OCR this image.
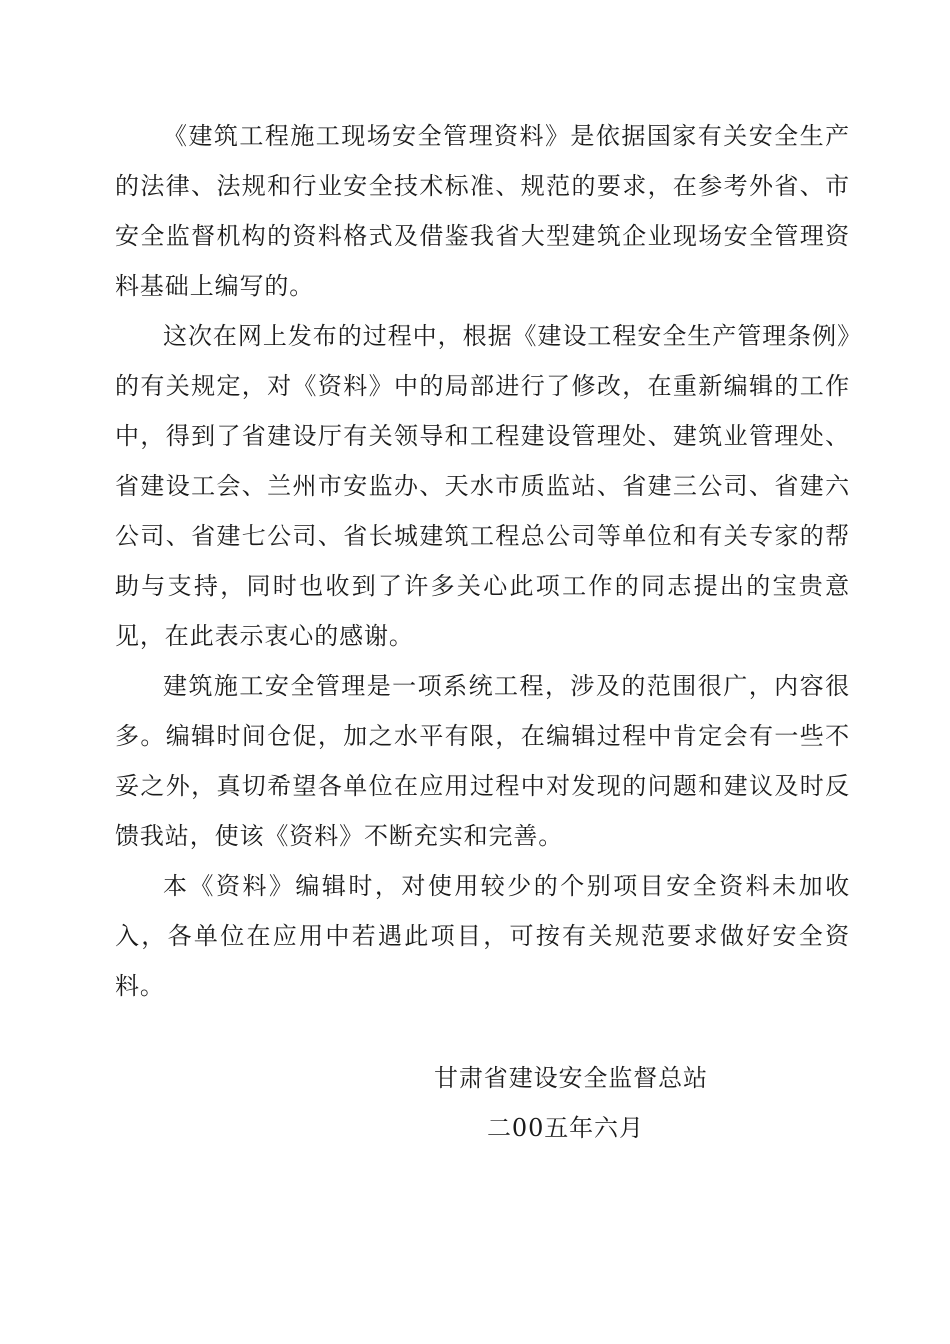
《建筑工程施工现场安全管理资料》是依据国家有关安全生产的法律、法规和行业安全技术标准、规范的要求，在参考外省、市安全监督机构的资料格式及借鉴我省大型建筑企业现场安全管理资料基础上编写的。

这次在网上发布的过程中，根据《建设工程安全生产管理条例》的有关规定，对《资料》中的局部进行了修改，在重新编辑的工作中，得到了省建设厅有关领导和工程建设管理处、建筑业管理处、省建设工会、兰州市安监办、天水市质监站、省建三公司、省建六公司、省建七公司、省长城建筑工程总公司等单位和有关专家的帮助与支持，同时也收到了许多关心此项工作的同志提出的宝贵意见，在此表示衷心的感谢。

建筑施工安全管理是一项系统工程，涉及的范围很广，内容很多。编辑时间仓促，加之水平有限，在编辑过程中肯定会有一些不妥之外，真切希望各单位在应用过程中对发现的问题和建议及时反馈我站，使该《资料》不断充实和完善。

本《资料》编辑时，对使用较少的个别项目安全资料未加收入，各单位在应用中若遇此项目，可按有关规范要求做好安全资料。

甘肃省建设安全监督总站

二00五年六月
